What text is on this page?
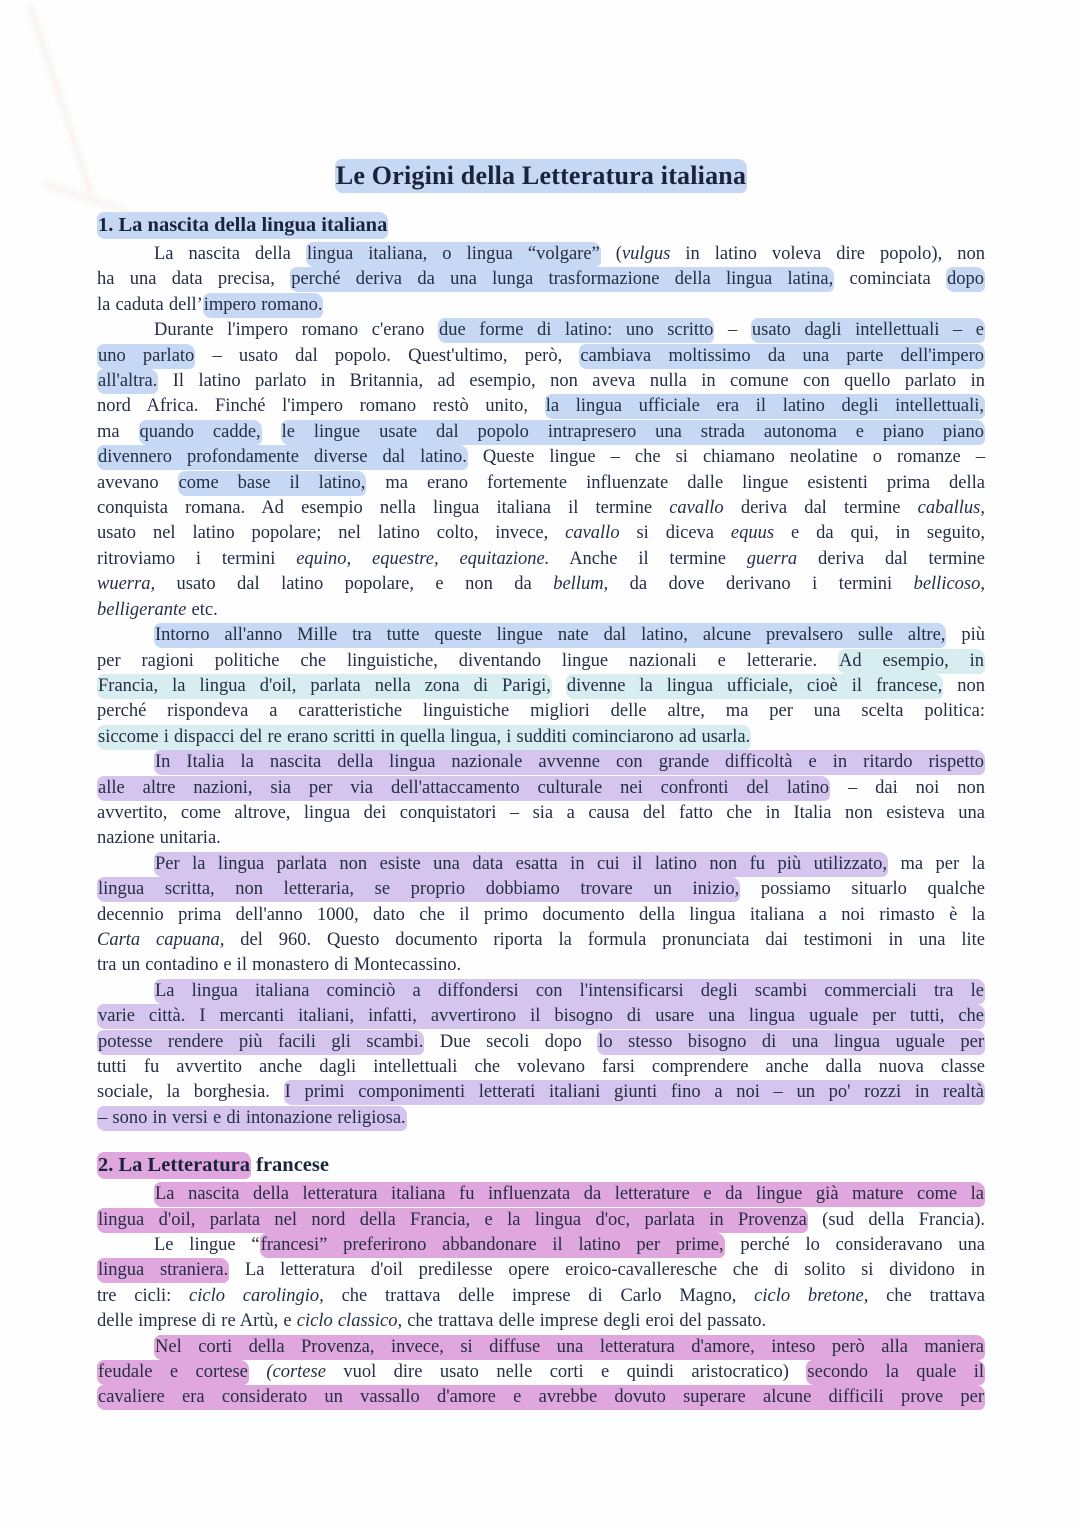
Le Origini della Letteratura italiana
1. La nascita della lingua italiana
La nascita della lingua italiana, o lingua “volgare” (vulgus in latino voleva dire popolo), non
ha una data precisa, perché deriva da una lunga trasformazione della lingua latina, cominciata dopo
la caduta dell’impero romano.
Durante l'impero romano c'erano due forme di latino: uno scritto – usato dagli intellettuali – e
uno parlato – usato dal popolo. Quest'ultimo, però, cambiava moltissimo da una parte dell'impero
all'altra. Il latino parlato in Britannia, ad esempio, non aveva nulla in comune con quello parlato in
nord Africa. Finché l'impero romano restò unito, la lingua ufficiale era il latino degli intellettuali,
ma quando cadde, le lingue usate dal popolo intrapresero una strada autonoma e piano piano
divennero profondamente diverse dal latino. Queste lingue – che si chiamano neolatine o romanze –
avevano come base il latino, ma erano fortemente influenzate dalle lingue esistenti prima della
conquista romana. Ad esempio nella lingua italiana il termine cavallo deriva dal termine caballus,
usato nel latino popolare; nel latino colto, invece, cavallo si diceva equus e da qui, in seguito,
ritroviamo i termini equino, equestre, equitazione. Anche il termine guerra deriva dal termine
wuerra, usato dal latino popolare, e non da bellum, da dove derivano i termini bellicoso,
belligerante etc.
Intorno all'anno Mille tra tutte queste lingue nate dal latino, alcune prevalsero sulle altre, più
per ragioni politiche che linguistiche, diventando lingue nazionali e letterarie. Ad esempio, in
Francia, la lingua d'oil, parlata nella zona di Parigi, divenne la lingua ufficiale, cioè il francese, non
perché rispondeva a caratteristiche linguistiche migliori delle altre, ma per una scelta politica:
siccome i dispacci del re erano scritti in quella lingua, i sudditi cominciarono ad usarla.
In Italia la nascita della lingua nazionale avvenne con grande difficoltà e in ritardo rispetto
alle altre nazioni, sia per via dell'attaccamento culturale nei confronti del latino – dai noi non
avvertito, come altrove, lingua dei conquistatori – sia a causa del fatto che in Italia non esisteva una
nazione unitaria.
Per la lingua parlata non esiste una data esatta in cui il latino non fu più utilizzato, ma per la
lingua scritta, non letteraria, se proprio dobbiamo trovare un inizio, possiamo situarlo qualche
decennio prima dell'anno 1000, dato che il primo documento della lingua italiana a noi rimasto è la
Carta capuana, del 960. Questo documento riporta la formula pronunciata dai testimoni in una lite
tra un contadino e il monastero di Montecassino.
La lingua italiana cominciò a diffondersi con l'intensificarsi degli scambi commerciali tra le
varie città. I mercanti italiani, infatti, avvertirono il bisogno di usare una lingua uguale per tutti, che
potesse rendere più facili gli scambi. Due secoli dopo lo stesso bisogno di una lingua uguale per
tutti fu avvertito anche dagli intellettuali che volevano farsi comprendere anche dalla nuova classe
sociale, la borghesia. I primi componimenti letterati italiani giunti fino a noi – un po' rozzi in realtà
– sono in versi e di intonazione religiosa.
2. La Letteratura francese
La nascita della letteratura italiana fu influenzata da letterature e da lingue già mature come la
lingua d'oil, parlata nel nord della Francia, e la lingua d'oc, parlata in Provenza (sud della Francia).
Le lingue “francesi” preferirono abbandonare il latino per prime, perché lo consideravano una
lingua straniera. La letteratura d'oil predilesse opere eroico-cavalleresche che di solito si dividono in
tre cicli: ciclo carolingio, che trattava delle imprese di Carlo Magno, ciclo bretone, che trattava
delle imprese di re Artù, e ciclo classico, che trattava delle imprese degli eroi del passato.
Nel corti della Provenza, invece, si diffuse una letteratura d'amore, inteso però alla maniera
feudale e cortese (cortese vuol dire usato nelle corti e quindi aristocratico) secondo la quale il
cavaliere era considerato un vassallo d'amore e avrebbe dovuto superare alcune difficili prove per
